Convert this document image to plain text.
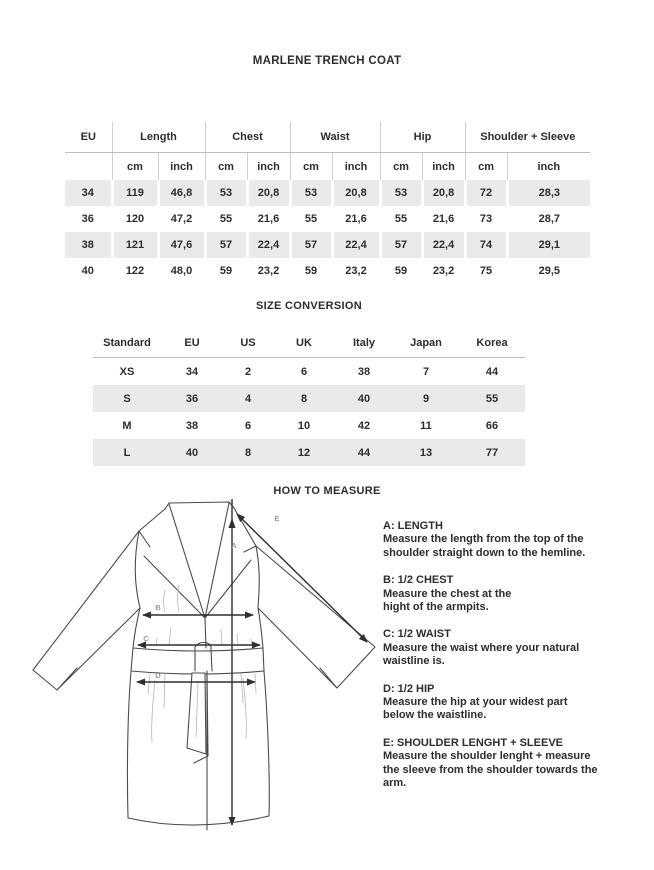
MARLENE TRENCH COAT
EU	Length		Chest		Waist		Hip		Shoulder + Sleeve	
	cm	inch	cm	inch	cm	inch	cm	inch	cm	inch
34	119	46,8	53	20,8	53	20,8	53	20,8	72	28,3
36	120	47,2	55	21,6	55	21,6	55	21,6	73	28,7
38	121	47,6	57	22,4	57	22,4	57	22,4	74	29,1
40	122	48,0	59	23,2	59	23,2	59	23,2	75	29,5
SIZE CONVERSION
Standard	EU	US	UK	Italy	Japan	Korea
XS	34	2	6	38	7	44
S	36	4	8	40	9	55
M	38	6	10	42	11	66
L	40	8	12	44	13	77
HOW TO MEASURE
E
A
B
C
D
A: LENGTH
Measure the length from the top of the
shoulder straight down to the hemline.
B: 1/2 CHEST
Measure the chest at the
hight of the armpits.
C: 1/2 WAIST
Measure the waist where your natural
waistline is.
D: 1/2 HIP
Measure the hip at your widest part
below the waistline.
E: SHOULDER LENGHT + SLEEVE
Measure the shoulder lenght + measure
the sleeve from the shoulder towards the arm.
